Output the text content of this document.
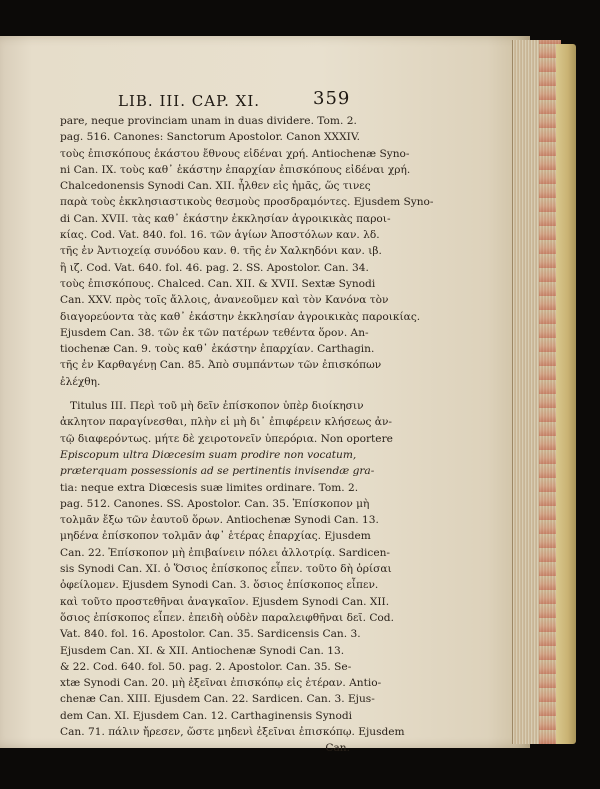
LIB. III. CAP. XI.	359
pare, neque provinciam unam in duas dividere. Tom. 2.
pag. 516. Canones: Sanctorum Apostolor. Canon XXXIV.
τοὺς ἐπισκόπους ἑκάστου ἔθνους εἰδέναι χρή. Antiochenæ Syno-
ni Can. IX. τοὺς καθ᾽ ἑκάστην ἐπαρχίαν ἐπισκόπους εἰδέναι χρή.
Chalcedonensis Synodi Can. XII. ἦλθεν εἰς ἡμᾶς, ὥς τινες
παρὰ τοὺς ἐκκλησιαστικοὺς θεσμοὺς προσδραμόντες. Ejusdem Syno-
di Can. XVII. τὰς καθ᾽ ἑκάστην ἐκκλησίαν ἀγροικικὰς παροι-
κίας. Cod. Vat. 840. fol. 16. τῶν ἁγίων Ἀποστόλων καν. λδ.
τῆς ἐν Ἀντιοχείᾳ συνόδου καν. θ. τῆς ἐν Χαλκηδόνι καν. ιβ.
ἢ ιζ. Cod. Vat. 640. fol. 46. pag. 2. SS. Apostolor. Can. 34.
τοὺς ἐπισκόπους. Chalced. Can. XII. & XVII. Sextæ Synodi
Can. XXV. πρὸς τοῖς ἄλλοις, ἀνανεοῦμεν καὶ τὸν Κανόνα τὸν
διαγορεύοντα τὰς καθ᾽ ἑκάστην ἐκκλησίαν ἀγροικικὰς παροικίας.
Ejusdem Can. 38. τῶν ἐκ τῶν πατέρων τεθέντα ὅρον. An-
tiochenæ Can. 9. τοὺς καθ᾽ ἑκάστην ἐπαρχίαν. Carthagin.
τῆς ἐν Καρθαγένῃ Can. 85. Ἀπὸ συμπάντων τῶν ἐπισκόπων
ἐλέχθη.
Titulus III. Περὶ τοῦ μὴ δεῖν ἐπίσκοπον ὑπὲρ διοίκησιν
ἀκλητον παραγίνεσθαι, πλὴν εἰ μὴ δι᾽ ἐπιφέρειν κλήσεως ἀν-
τῷ διαφερόντως. μήτε δὲ χειροτονεῖν ὑπερόρια. Non oportere
Episcopum ultra Diœcesim suam prodire non vocatum,
præterquam possessionis ad se pertinentis invisendæ gra-
tia: neque extra Diœcesis suæ limites ordinare. Tom. 2.
pag. 512. Canones. SS. Apostolor. Can. 35. Ἐπίσκοπον μὴ
τολμᾶν ἔξω τῶν ἑαυτοῦ ὅρων. Antiochenæ Synodi Can. 13.
μηδένα ἐπίσκοπον τολμᾶν ἀφ᾽ ἑτέρας ἐπαρχίας. Ejusdem
Can. 22. Ἐπίσκοπον μὴ ἐπιβαίνειν πόλει ἀλλοτρίᾳ. Sardicen-
sis Synodi Can. XI. ὁ Ὅσιος ἐπίσκοπος εἶπεν. τοῦτο δὴ ὁρίσαι
ὀφείλομεν. Ejusdem Synodi Can. 3. ὅσιος ἐπίσκοπος εἶπεν.
καὶ τοῦτο προστεθῆναι ἀναγκαῖον. Ejusdem Synodi Can. XII.
ὅσιος ἐπίσκοπος εἶπεν. ἐπειδὴ οὐδὲν παραλειφθῆναι δεῖ. Cod.
Vat. 840. fol. 16. Apostolor. Can. 35. Sardicensis Can. 3.
Ejusdem Can. XI. & XII. Antiochenæ Synodi Can. 13.
& 22. Cod. 640. fol. 50. pag. 2. Apostolor. Can. 35. Se-
xtæ Synodi Can. 20. μὴ ἐξεῖναι ἐπισκόπῳ εἰς ἑτέραν. Antio-
chenæ Can. XIII. Ejusdem Can. 22. Sardicen. Can. 3. Ejus-
dem Can. XI. Ejusdem Can. 12. Carthaginensis Synodi
Can. 71. πάλιν ἤρεσεν, ὥστε μηδενὶ ἐξεῖναι ἐπισκόπῳ. Ejusdem
Can.
